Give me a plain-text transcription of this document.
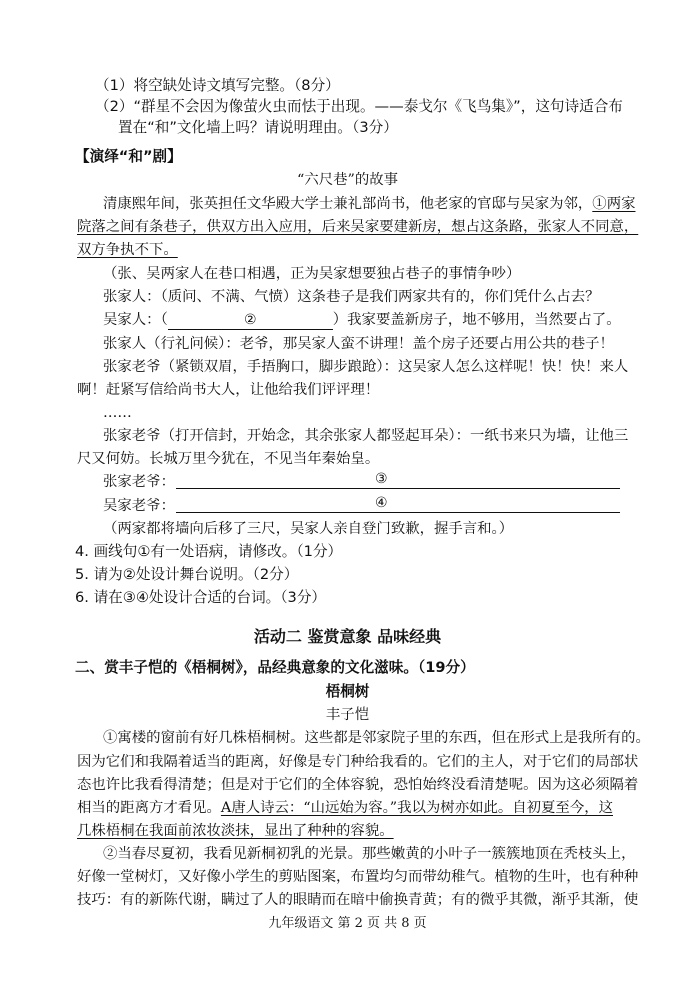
（1）将空缺处诗文填写完整。（8分）
（2）“群星不会因为像萤火虫而怯于出现。——泰戈尔《飞鸟集》”，这句诗适合布
置在“和”文化墙上吗？请说明理由。（3分）
【演绎“和”剧】
“六尺巷”的故事
清康熙年间，张英担任文华殿大学士兼礼部尚书，他老家的官邸与吴家为邻，①两家
院落之间有条巷子，供双方出入应用，后来吴家要建新房，想占这条路，张家人不同意，
双方争执不下。
（张、吴两家人在巷口相遇，正为吴家想要独占巷子的事情争吵）
张家人：（质问、不满、气愤）这条巷子是我们两家共有的，你们凭什么占去？
吴家人：（	②	）我家要盖新房子，地不够用，当然要占了。
张家人（行礼问候）：老爷，那吴家人蛮不讲理！盖个房子还要占用公共的巷子！
张家老爷（紧锁双眉，手捂胸口，脚步踉跄）：这吴家人怎么这样呢！快！快！来人
啊！赶紧写信给尚书大人，让他给我们评评理！
……
张家老爷（打开信封，开始念，其余张家人都竖起耳朵）：一纸书来只为墙，让他三
尺又何妨。长城万里今犹在，不见当年秦始皇。
张家老爷：	③
吴家老爷：	④
（两家都将墙向后移了三尺，吴家人亲自登门致歉，握手言和。）
4. 画线句①有一处语病，请修改。（1分）
5. 请为②处设计舞台说明。（2分）
6. 请在③④处设计合适的台词。（3分）
活动二 鉴赏意象 品味经典
二、赏丰子恺的《梧桐树》，品经典意象的文化滋味。（19分）
梧桐树
丰子恺
①寓楼的窗前有好几株梧桐树。这些都是邻家院子里的东西，但在形式上是我所有的。
因为它们和我隔着适当的距离，好像是专门种给我看的。它们的主人，对于它们的局部状
态也许比我看得清楚；但是对于它们的全体容貌，恐怕始终没看清楚呢。因为这必须隔着
相当的距离方才看见。A唐人诗云：“山远始为容。”我以为树亦如此。自初夏至今，这
几株梧桐在我面前浓妆淡抹，显出了种种的容貌。
②当春尽夏初，我看见新桐初乳的光景。那些嫩黄的小叶子一簇簇地顶在秃枝头上，
好像一堂树灯，又好像小学生的剪贴图案，布置均匀而带幼稚气。植物的生叶，也有种种
技巧：有的新陈代谢，瞒过了人的眼睛而在暗中偷换青黄；有的微乎其微，渐乎其渐，使
九年级语文 第 2 页 共 8 页
